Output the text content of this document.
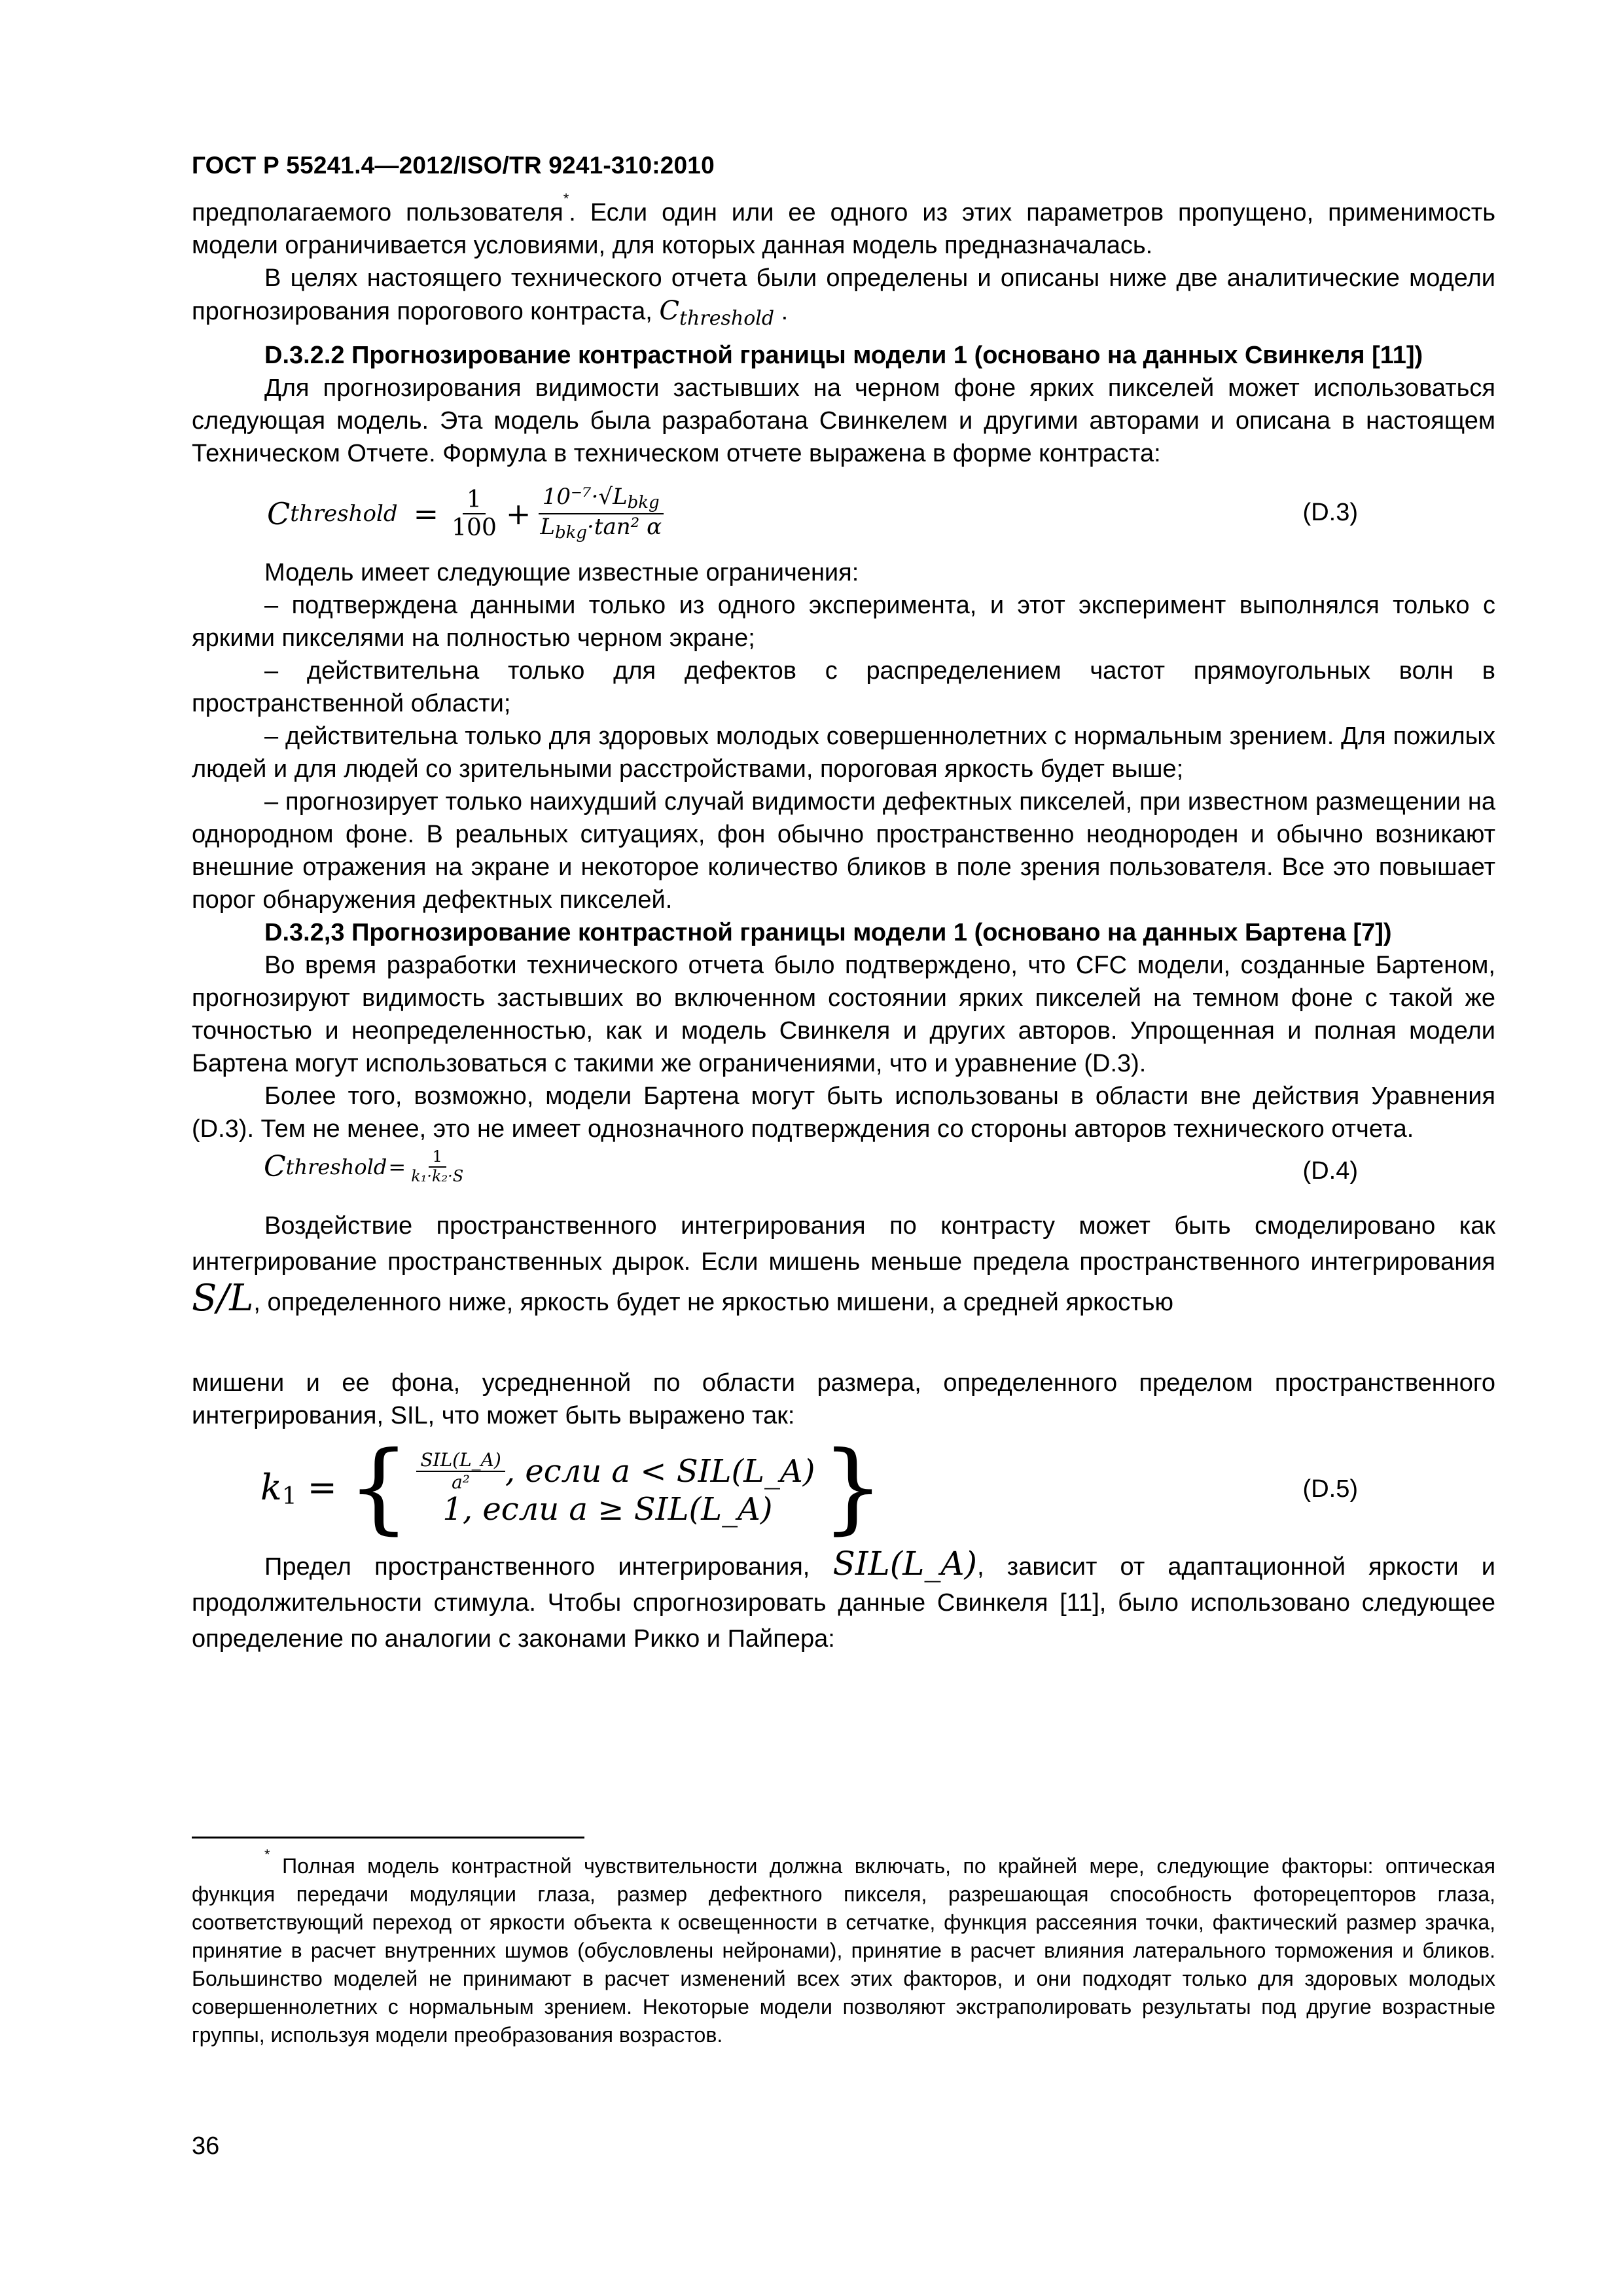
ГОСТ Р 55241.4—2012/ISO/TR 9241-310:2010

предполагаемого пользователя*. Если один или ее одного из этих параметров пропущено, применимость модели ограничивается условиями, для которых данная модель предназначалась.

В целях настоящего технического отчета были определены и описаны ниже две аналитические модели прогнозирования порогового контраста, $C_{threshold}$ .

D.3.2.2 Прогнозирование контрастной границы модели 1 (основано на данных Свинкеля [11])

Для прогнозирования видимости застывших на черном фоне ярких пикселей может использоваться следующая модель. Эта модель была разработана Свинкелем и другими авторами и описана в настоящем Техническом Отчете. Формула в техническом отчете выражена в форме контраста:

C threshold = $\frac{1}{100} + \frac{\text{10⁻⁷·√Lbkg}}{\text{Lbkg·tan² α}}$	(D.3)

Модель имеет следующие известные ограничения:

– подтверждена данными только из одного эксперимента, и этот эксперимент выполнялся только с яркими пикселями на полностью черном экране;

– действительна только для дефектов с распределением частот прямоугольных волн в пространственной области;

– действительна только для здоровых молодых совершеннолетних с нормальным зрением. Для пожилых людей и для людей со зрительными расстройствами, пороговая яркость будет выше;

– прогнозирует только наихудший случай видимости дефектных пикселей, при известном размещении на однородном фоне. В реальных ситуациях, фон обычно пространственно неоднороден и обычно возникают внешние отражения на экране и некоторое количество бликов в поле зрения пользователя. Все это повышает порог обнаружения дефектных пикселей.

D.3.2,3 Прогнозирование контрастной границы модели 1 (основано на данных Бартена [7])

Во время разработки технического отчета было подтверждено, что CFC модели, созданные Бартеном, прогнозируют видимость застывших во включенном состоянии ярких пикселей на темном фоне с такой же точностью и неопределенностью, как и модель Свинкеля и других авторов. Упрощенная и полная модели Бартена могут использоваться с такими же ограничениями, что и уравнение (D.3).

Более того, возможно, модели Бартена могут быть использованы в области вне действия Уравнения (D.3). Тем не менее, это не имеет однозначного подтверждения со стороны авторов технического отчета.

C threshold = $\frac{1}{\text{k₁·k₂·S}}$	(D.4)

Воздействие пространственного интегрирования по контрасту может быть смоделировано как интегрирование пространственных дырок. Если мишень меньше предела пространственного интегрирования S/L, определенного ниже, яркость будет не яркостью мишени, а средней яркостью

мишени и ее фона, усредненной по области размера, определенного пределом пространственного интегрирования, SIL, что может быть выражено так:

k 1 = { $\frac{\text{SIL(L\_A)}}{\text{a²}}$ , если a < SIL(L_A)
1, если a ≥ SIL(L_A) }	(D.5)

Предел пространственного интегрирования, SIL(L_A), зависит от адаптационной яркости и продолжительности стимула. Чтобы спрогнозировать данные Свинкеля [11], было использовано следующее определение по аналогии с законами Рикко и Пайпера:

* Полная модель контрастной чувствительности должна включать, по крайней мере, следующие факторы: оптическая функция передачи модуляции глаза, размер дефектного пикселя, разрешающая способность фоторецепторов глаза, соответствующий переход от яркости объекта к освещенности в сетчатке, функция рассеяния точки, фактический размер зрачка, принятие в расчет внутренних шумов (обусловлены нейронами), принятие в расчет влияния латерального торможения и бликов. Большинство моделей не принимают в расчет изменений всех этих факторов, и они подходят только для здоровых молодых совершеннолетних с нормальным зрением. Некоторые модели позволяют экстраполировать результаты под другие возрастные группы, используя модели преобразования возрастов.

36
